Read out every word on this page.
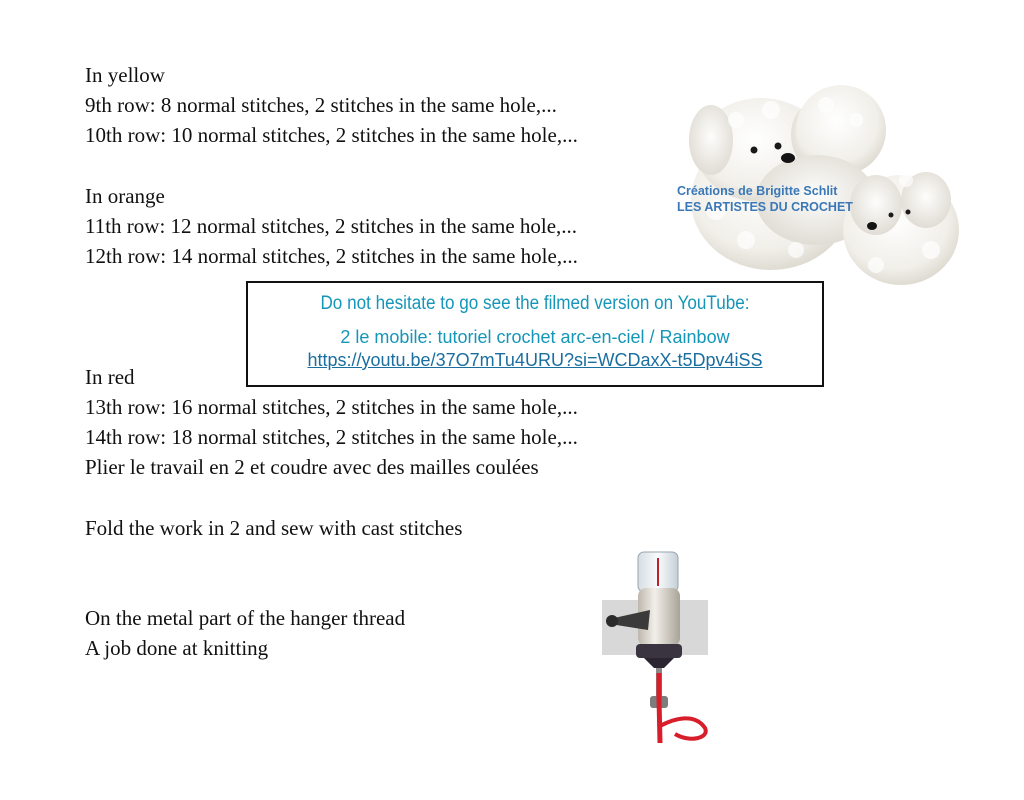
In yellow
9th row: 8 normal stitches, 2 stitches in the same hole,...
10th row: 10 normal stitches, 2 stitches in the same hole,...
In orange
11th row: 12 normal stitches, 2 stitches in the same hole,...
12th row: 14 normal stitches, 2 stitches in the same hole,...
In red
13th row: 16 normal stitches, 2 stitches in the same hole,...
14th row: 18 normal stitches, 2 stitches in the same hole,...
Plier le travail en 2 et coudre avec des mailles coulées
Fold the work in 2 and sew with cast stitches
On the metal part of the hanger thread
A job done at knitting
Créations de Brigitte Schlit
LES ARTISTES DU CROCHET
Do not hesitate to go see the filmed version on YouTube:
2 le mobile: tutoriel crochet arc-en-ciel / Rainbow
https://youtu.be/37O7mTu4URU?si=WCDaxX-t5Dpv4iSS
